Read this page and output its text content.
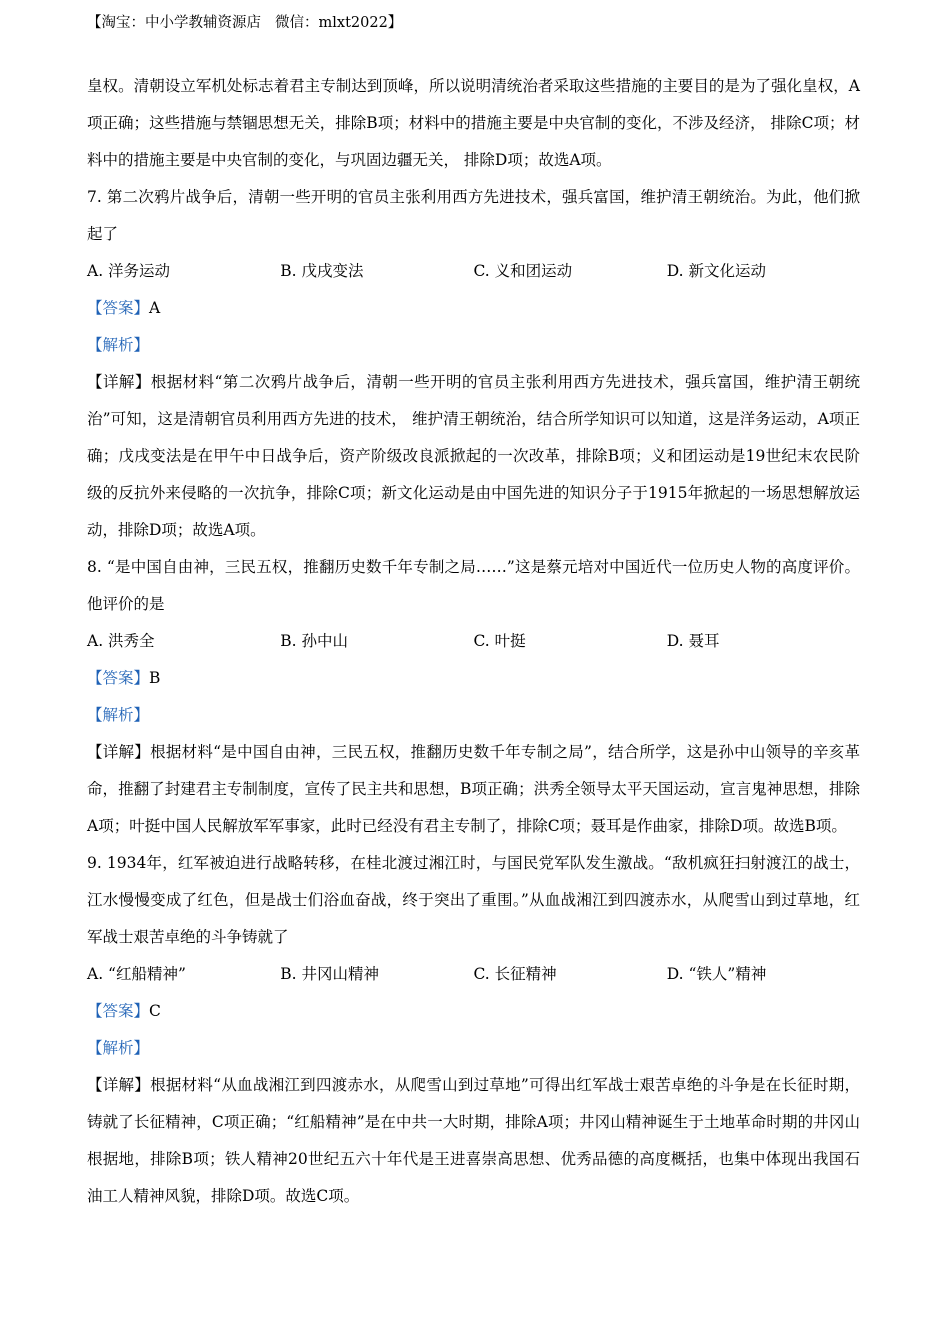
【淘宝：中小学教辅资源店 微信：mlxt2022】

皇权。清朝设立军机处标志着君主专制达到顶峰，所以说明清统治者采取这些措施的主要目的是为了强化皇权，A项正确；这些措施与禁锢思想无关，排除B项；材料中的措施主要是中央官制的变化，不涉及经济， 排除C项；材料中的措施主要是中央官制的变化，与巩固边疆无关， 排除D项；故选A项。

7. 第二次鸦片战争后，清朝一些开明的官员主张利用西方先进技术，强兵富国，维护清王朝统治。为此，他们掀起了

A. 洋务运动	B. 戊戌变法	C. 义和团运动	D. 新文化运动

【答案】A

【解析】

【详解】根据材料“第二次鸦片战争后，清朝一些开明的官员主张利用西方先进技术，强兵富国，维护清王朝统治”可知，这是清朝官员利用西方先进的技术， 维护清王朝统治，结合所学知识可以知道，这是洋务运动，A项正确；戊戌变法是在甲午中日战争后，资产阶级改良派掀起的一次改革，排除B项；义和团运动是19世纪末农民阶级的反抗外来侵略的一次抗争，排除C项；新文化运动是由中国先进的知识分子于1915年掀起的一场思想解放运动，排除D项；故选A项。

8. “是中国自由神，三民五权，推翻历史数千年专制之局……”这是蔡元培对中国近代一位历史人物的高度评价。他评价的是

A. 洪秀全	B. 孙中山	C. 叶挺	D. 聂耳

【答案】B

【解析】

【详解】根据材料“是中国自由神，三民五权，推翻历史数千年专制之局”，结合所学，这是孙中山领导的辛亥革命，推翻了封建君主专制制度，宣传了民主共和思想，B项正确；洪秀全领导太平天国运动，宣言鬼神思想，排除A项；叶挺中国人民解放军军事家，此时已经没有君主专制了，排除C项；聂耳是作曲家，排除D项。故选B项。

9. 1934年，红军被迫进行战略转移，在桂北渡过湘江时，与国民党军队发生激战。“敌机疯狂扫射渡江的战士，江水慢慢变成了红色，但是战士们浴血奋战，终于突出了重围。”从血战湘江到四渡赤水，从爬雪山到过草地，红军战士艰苦卓绝的斗争铸就了

A. “红船精神”	B. 井冈山精神	C. 长征精神	D. “铁人”精神

【答案】C

【解析】

【详解】根据材料“从血战湘江到四渡赤水，从爬雪山到过草地”可得出红军战士艰苦卓绝的斗争是在长征时期，铸就了长征精神，C项正确；“红船精神”是在中共一大时期，排除A项；井冈山精神诞生于土地革命时期的井冈山根据地，排除B项；铁人精神20世纪五六十年代是王进喜崇高思想、优秀品德的高度概括，也集中体现出我国石油工人精神风貌，排除D项。故选C项。
